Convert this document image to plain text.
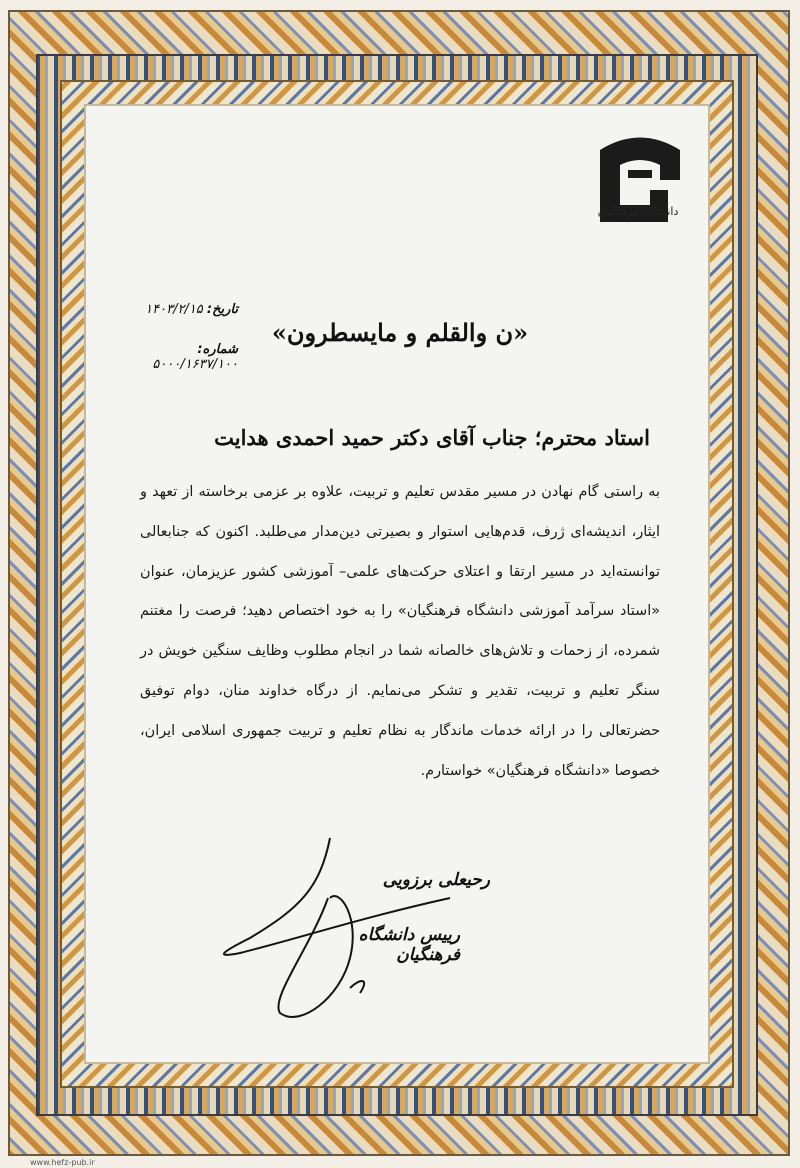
دانشگاه فرهنگیان
«ن والقلم و مایسطرون»
تاریخ: ۱۴۰۳/۲/۱۵
شماره: ۵۰۰۰/۱۶۳۷/۱۰۰
استاد محترم؛ جناب آقای دکتر حمید احمدی هدایت
به راستی گام نهادن در مسیر مقدس تعلیم و تربیت، علاوه بر عزمی برخاسته از تعهد و ایثار، اندیشه‌ای ژرف، قدم‌هایی استوار و بصیرتی دین‌مدار می‌طلبد. اکنون که جنابعالی توانسته‌اید در مسیر ارتقا و اعتلای حرکت‌های علمی– آموزشی کشور عزیزمان، عنوان «استاد سرآمد آموزشی دانشگاه فرهنگیان» را به خود اختصاص دهید؛ فرصت را مغتنم شمرده، از زحمات و تلاش‌های خالصانه شما در انجام مطلوب وظایف سنگین خویش در سنگر تعلیم و تربیت، تقدیر و تشکر می‌نمایم. از درگاه خداوند منان، دوام توفیق حضرتعالی را در ارائه خدمات ماندگار به نظام تعلیم و تربیت جمهوری اسلامی ایران، خصوصا «دانشگاه فرهنگیان» خواستارم.
رحیعلی برزویی
رییس دانشگاه فرهنگیان
www.hefz-pub.ir
